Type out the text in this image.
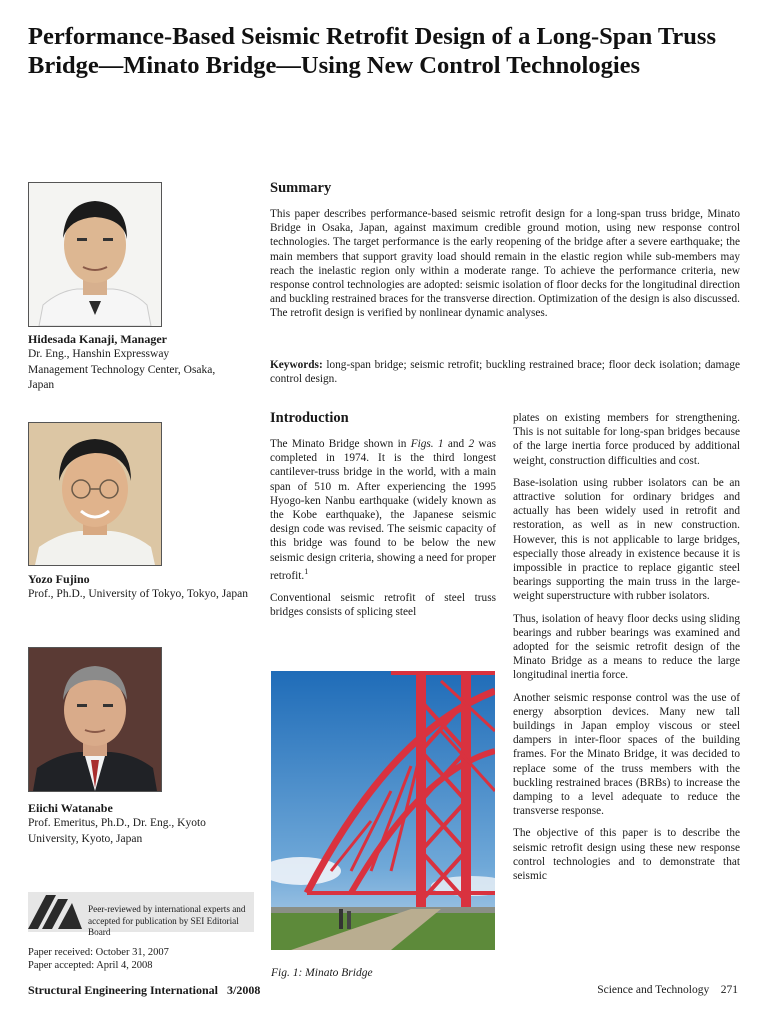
Performance-Based Seismic Retrofit Design of a Long-Span Truss Bridge—Minato Bridge—Using New Control Technologies

Hidesada Kanaji, Manager

Dr. Eng., Hanshin Expressway Management Technology Center, Osaka, Japan

Yozo Fujino

Prof., Ph.D., University of Tokyo, Tokyo, Japan

Eiichi Watanabe

Prof. Emeritus, Ph.D., Dr. Eng., Kyoto University, Kyoto, Japan

Peer-reviewed by international experts and accepted for publication by SEI Editorial Board

Paper received: October 31, 2007
Paper accepted: April 4, 2008
Summary

This paper describes performance-based seismic retrofit design for a long-span truss bridge, Minato Bridge in Osaka, Japan, against maximum credible ground motion, using new response control technologies. The target performance is the early reopening of the bridge after a severe earthquake; the main members that support gravity load should remain in the elastic region while sub-members may reach the inelastic region only within a moderate range. To achieve the performance criteria, new response control technologies are adopted: seismic isolation of floor decks for the longitudinal direction and buckling restrained braces for the transverse direction. Optimization of the design is also discussed. The retrofit design is verified by nonlinear dynamic analyses.

Keywords: long-span bridge; seismic retrofit; buckling restrained brace; floor deck isolation; damage control design.

Introduction

The Minato Bridge shown in Figs. 1 and 2 was completed in 1974. It is the third longest cantilever-truss bridge in the world, with a main span of 510 m. After experiencing the 1995 Hyogo-ken Nanbu earthquake (widely known as the Kobe earthquake), the Japanese seismic design code was revised. The seismic capacity of this bridge was found to be below the new seismic design criteria, showing a need for proper retrofit.$^1$

Conventional seismic retrofit of steel truss bridges consists of splicing steel

Fig. 1: Minato Bridge

plates on existing members for strengthening. This is not suitable for long-span bridges because of the large inertia force produced by additional weight, construction difficulties and cost.

Base-isolation using rubber isolators can be an attractive solution for ordinary bridges and actually has been widely used in retrofit and restoration, as well as in new construction. However, this is not applicable to large bridges, especially those already in existence because it is impossible in practice to replace gigantic steel bearings supporting the main truss in the large-weight superstructure with rubber isolators.

Thus, isolation of heavy floor decks using sliding bearings and rubber bearings was examined and adopted for the seismic retrofit design of the Minato Bridge as a means to reduce the large longitudinal inertia force.

Another seismic response control was the use of energy absorption devices. Many new tall buildings in Japan employ viscous or steel dampers in inter-floor spaces of the building frames. For the Minato Bridge, it was decided to replace some of the truss members with the buckling restrained braces (BRBs) to increase the damping to a level adequate to reduce the transverse response.

The objective of this paper is to describe the seismic retrofit design using these new response control technologies and to demonstrate that seismic

Structural Engineering International 3/2008	Science and Technology 271
